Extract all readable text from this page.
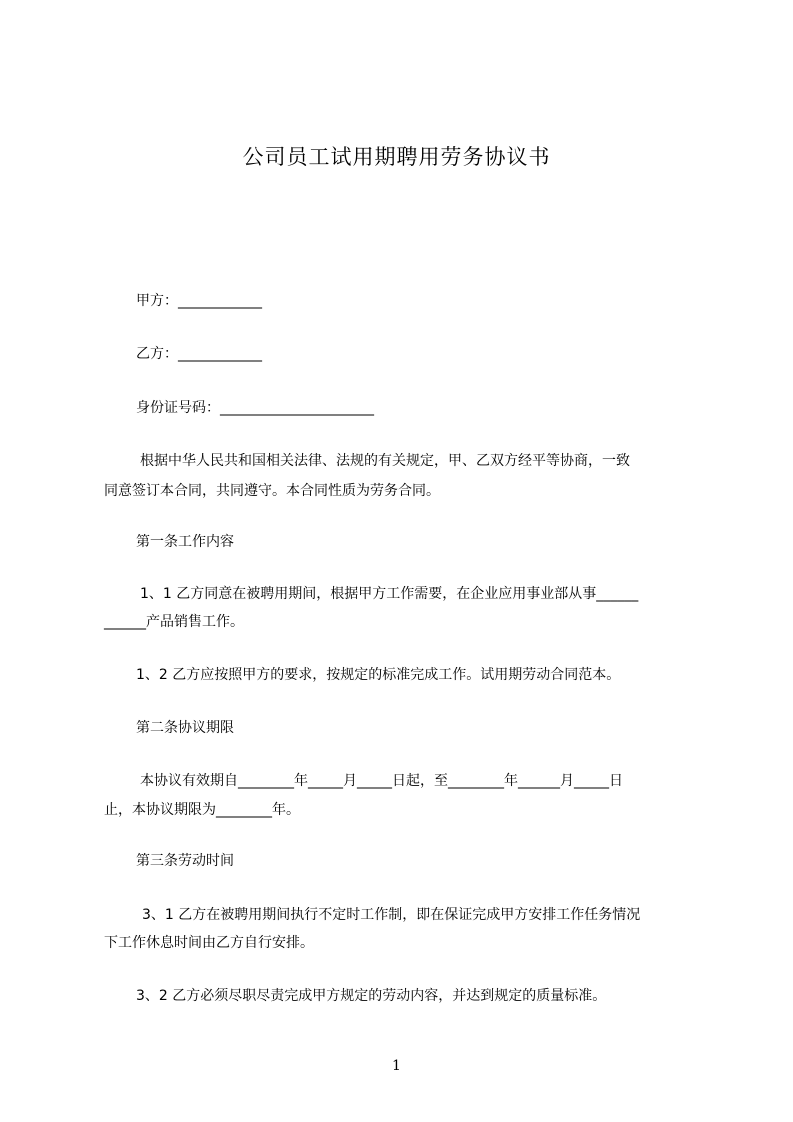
公司员工试用期聘用劳务协议书
甲方：____________
乙方：____________
身份证号码：______________________
根据中华人民共和国相关法律、法规的有关规定，甲、乙双方经平等协商，一致
同意签订本合同，共同遵守。本合同性质为劳务合同。
第一条工作内容
1、1 乙方同意在被聘用期间，根据甲方工作需要，在企业应用事业部从事______
______产品销售工作。
1、2 乙方应按照甲方的要求，按规定的标准完成工作。试用期劳动合同范本。
第二条协议期限
本协议有效期自________年_____月_____日起，至________年______月_____日
止，本协议期限为________年。
第三条劳动时间
3、1 乙方在被聘用期间执行不定时工作制，即在保证完成甲方安排工作任务情况
下工作休息时间由乙方自行安排。
3、2 乙方必须尽职尽责完成甲方规定的劳动内容，并达到规定的质量标准。
1
